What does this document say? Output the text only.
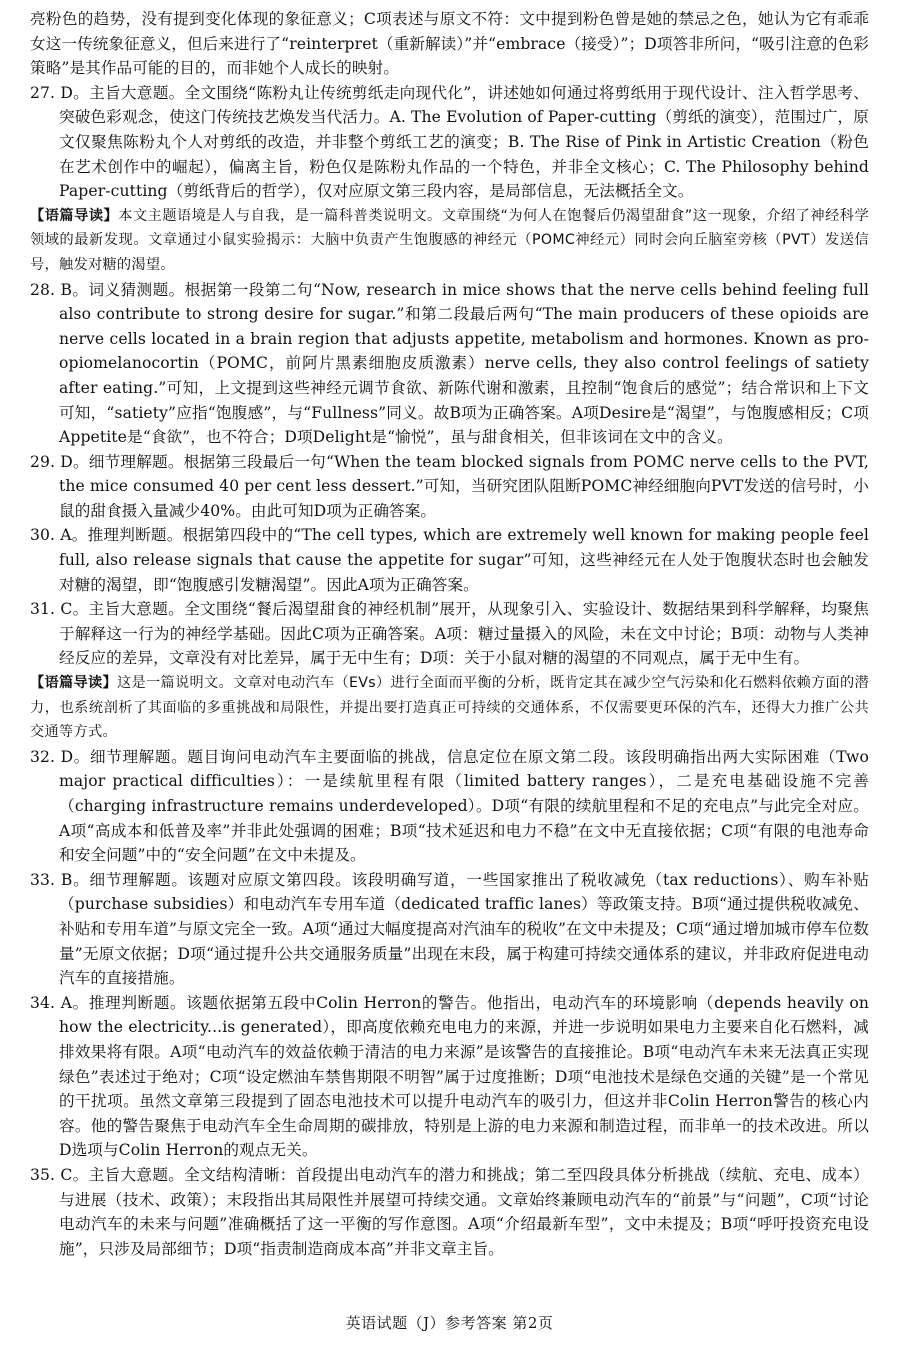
亮粉色的趋势，没有提到变化体现的象征意义；C项表述与原文不符：文中提到粉色曾是她的禁忌之色，她认为它有乖乖女这一传统象征意义，但后来进行了“reinterpret（重新解读）”并“embrace（接受）”；D项答非所问，“吸引注意的色彩策略”是其作品可能的目的，而非她个人成长的映射。

27. D。主旨大意题。全文围绕“陈粉丸让传统剪纸走向现代化”，讲述她如何通过将剪纸用于现代设计、注入哲学思考、突破色彩观念，使这门传统技艺焕发当代活力。A. The Evolution of Paper-cutting（剪纸的演变），范围过广，原文仅聚焦陈粉丸个人对剪纸的改造，并非整个剪纸工艺的演变；B. The Rise of Pink in Artistic Creation（粉色在艺术创作中的崛起），偏离主旨，粉色仅是陈粉丸作品的一个特色，并非全文核心；C. The Philosophy behind Paper-cutting（剪纸背后的哲学），仅对应原文第三段内容，是局部信息，无法概括全文。

【语篇导读】本文主题语境是人与自我，是一篇科普类说明文。文章围绕“为何人在饱餐后仍渴望甜食”这一现象，介绍了神经科学领域的最新发现。文章通过小鼠实验揭示：大脑中负责产生饱腹感的神经元（POMC神经元）同时会向丘脑室旁核（PVT）发送信号，触发对糖的渴望。

28. B。词义猜测题。根据第一段第二句“Now, research in mice shows that the nerve cells behind feeling full also contribute to strong desire for sugar.”和第二段最后两句“The main producers of these opioids are nerve cells located in a brain region that adjusts appetite, metabolism and hormones. Known as pro-opiomelanocortin（POMC，前阿片黑素细胞皮质激素）nerve cells, they also control feelings of satiety after eating.”可知，上文提到这些神经元调节食欲、新陈代谢和激素，且控制“饱食后的感觉”；结合常识和上下文可知，“satiety”应指“饱腹感”，与“Fullness”同义。故B项为正确答案。A项Desire是“渴望”，与饱腹感相反；C项Appetite是“食欲”，也不符合；D项Delight是“愉悦”，虽与甜食相关，但非该词在文中的含义。

29. D。细节理解题。根据第三段最后一句“When the team blocked signals from POMC nerve cells to the PVT, the mice consumed 40 per cent less dessert.”可知，当研究团队阻断POMC神经细胞向PVT发送的信号时，小鼠的甜食摄入量减少40%。由此可知D项为正确答案。

30. A。推理判断题。根据第四段中的“The cell types, which are extremely well known for making people feel full, also release signals that cause the appetite for sugar”可知，这些神经元在人处于饱腹状态时也会触发对糖的渴望，即“饱腹感引发糖渴望”。因此A项为正确答案。

31. C。主旨大意题。全文围绕“餐后渴望甜食的神经机制”展开，从现象引入、实验设计、数据结果到科学解释，均聚焦于解释这一行为的神经学基础。因此C项为正确答案。A项：糖过量摄入的风险，未在文中讨论；B项：动物与人类神经反应的差异，文章没有对比差异，属于无中生有；D项：关于小鼠对糖的渴望的不同观点，属于无中生有。

【语篇导读】这是一篇说明文。文章对电动汽车（EVs）进行全面而平衡的分析，既肯定其在减少空气污染和化石燃料依赖方面的潜力，也系统剖析了其面临的多重挑战和局限性，并提出要打造真正可持续的交通体系，不仅需要更环保的汽车，还得大力推广公共交通等方式。

32. D。细节理解题。题目询问电动汽车主要面临的挑战，信息定位在原文第二段。该段明确指出两大实际困难（Two major practical difficulties）：一是续航里程有限（limited battery ranges），二是充电基础设施不完善（charging infrastructure remains underdeveloped）。D项“有限的续航里程和不足的充电点”与此完全对应。A项“高成本和低普及率”并非此处强调的困难；B项“技术延迟和电力不稳”在文中无直接依据；C项“有限的电池寿命和安全问题”中的“安全问题”在文中未提及。

33. B。细节理解题。该题对应原文第四段。该段明确写道，一些国家推出了税收减免（tax reductions）、购车补贴（purchase subsidies）和电动汽车专用车道（dedicated traffic lanes）等政策支持。B项“通过提供税收减免、补贴和专用车道”与原文完全一致。A项“通过大幅度提高对汽油车的税收”在文中未提及；C项“通过增加城市停车位数量”无原文依据；D项“通过提升公共交通服务质量”出现在末段，属于构建可持续交通体系的建议，并非政府促进电动汽车的直接措施。

34. A。推理判断题。该题依据第五段中Colin Herron的警告。他指出，电动汽车的环境影响（depends heavily on how the electricity...is generated），即高度依赖充电电力的来源，并进一步说明如果电力主要来自化石燃料，减排效果将有限。A项“电动汽车的效益依赖于清洁的电力来源”是该警告的直接推论。B项“电动汽车未来无法真正实现绿色”表述过于绝对；C项“设定燃油车禁售期限不明智”属于过度推断；D项“电池技术是绿色交通的关键”是一个常见的干扰项。虽然文章第三段提到了固态电池技术可以提升电动汽车的吸引力，但这并非Colin Herron警告的核心内容。他的警告聚焦于电动汽车全生命周期的碳排放，特别是上游的电力来源和制造过程，而非单一的技术改进。所以D选项与Colin Herron的观点无关。

35. C。主旨大意题。全文结构清晰：首段提出电动汽车的潜力和挑战；第二至四段具体分析挑战（续航、充电、成本）与进展（技术、政策）；末段指出其局限性并展望可持续交通。文章始终兼顾电动汽车的“前景”与“问题”，C项“讨论电动汽车的未来与问题”准确概括了这一平衡的写作意图。A项“介绍最新车型”，文中未提及；B项“呼吁投资充电设施”，只涉及局部细节；D项“指责制造商成本高”并非文章主旨。

英语试题（J）参考答案 第2页
